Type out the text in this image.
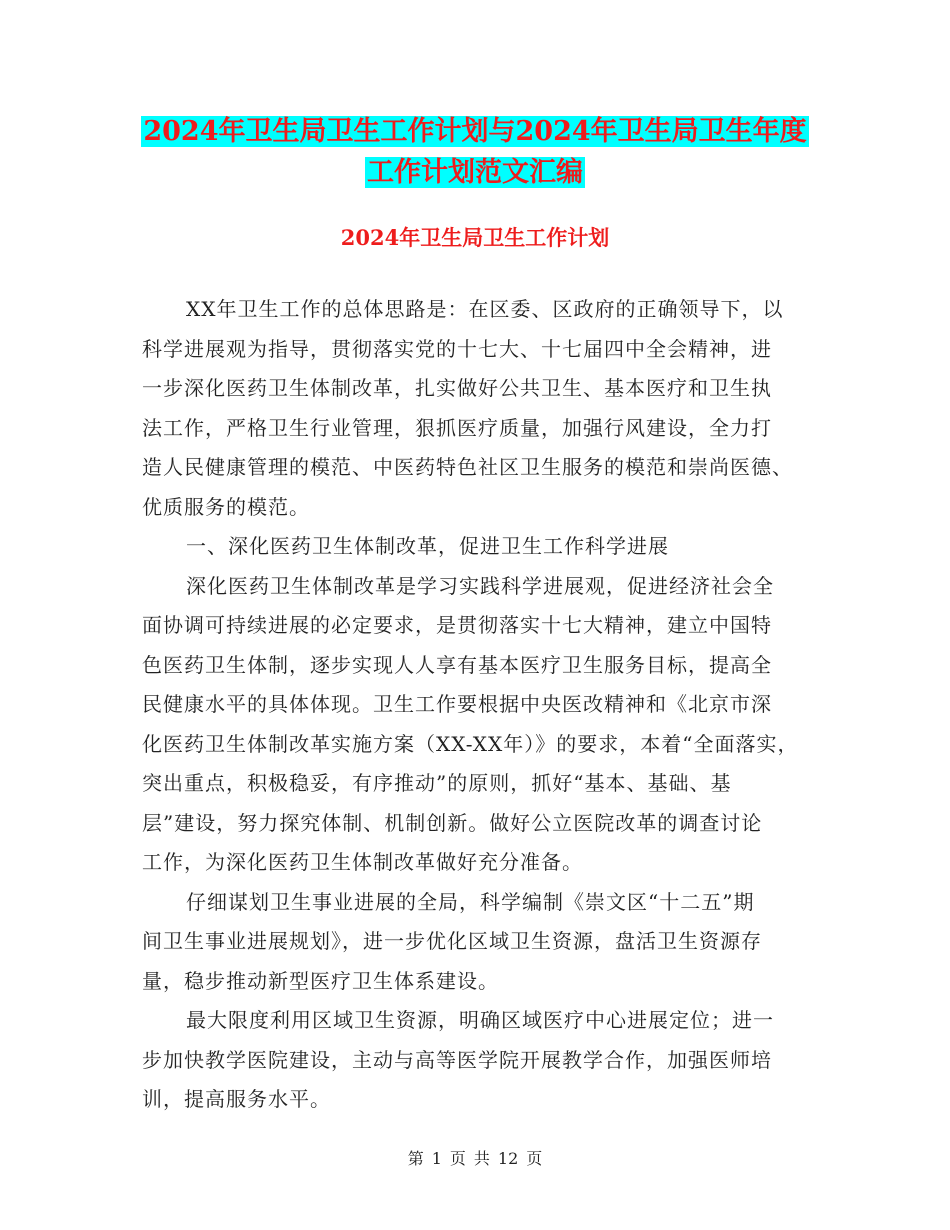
2024年卫生局卫生工作计划与2024年卫生局卫生年度
工作计划范文汇编
2024年卫生局卫生工作计划
XX年卫生工作的总体思路是：在区委、区政府的正确领导下，以
科学进展观为指导，贯彻落实党的十七大、十七届四中全会精神，进
一步深化医药卫生体制改革，扎实做好公共卫生、基本医疗和卫生执
法工作，严格卫生行业管理，狠抓医疗质量，加强行风建设，全力打
造人民健康管理的模范、中医药特色社区卫生服务的模范和崇尚医德、
优质服务的模范。
一、深化医药卫生体制改革，促进卫生工作科学进展
深化医药卫生体制改革是学习实践科学进展观，促进经济社会全
面协调可持续进展的必定要求，是贯彻落实十七大精神，建立中国特
色医药卫生体制，逐步实现人人享有基本医疗卫生服务目标，提高全
民健康水平的具体体现。卫生工作要根据中央医改精神和《北京市深
化医药卫生体制改革实施方案（XX-XX年）》的要求，本着“全面落实，
突出重点，积极稳妥，有序推动”的原则，抓好“基本、基础、基
层”建设，努力探究体制、机制创新。做好公立医院改革的调查讨论
工作，为深化医药卫生体制改革做好充分准备。
仔细谋划卫生事业进展的全局，科学编制《崇文区“十二五”期
间卫生事业进展规划》，进一步优化区域卫生资源，盘活卫生资源存
量，稳步推动新型医疗卫生体系建设。
最大限度利用区域卫生资源，明确区域医疗中心进展定位；进一
步加快教学医院建设，主动与高等医学院开展教学合作，加强医师培
训，提高服务水平。
第 1 页 共 12 页
